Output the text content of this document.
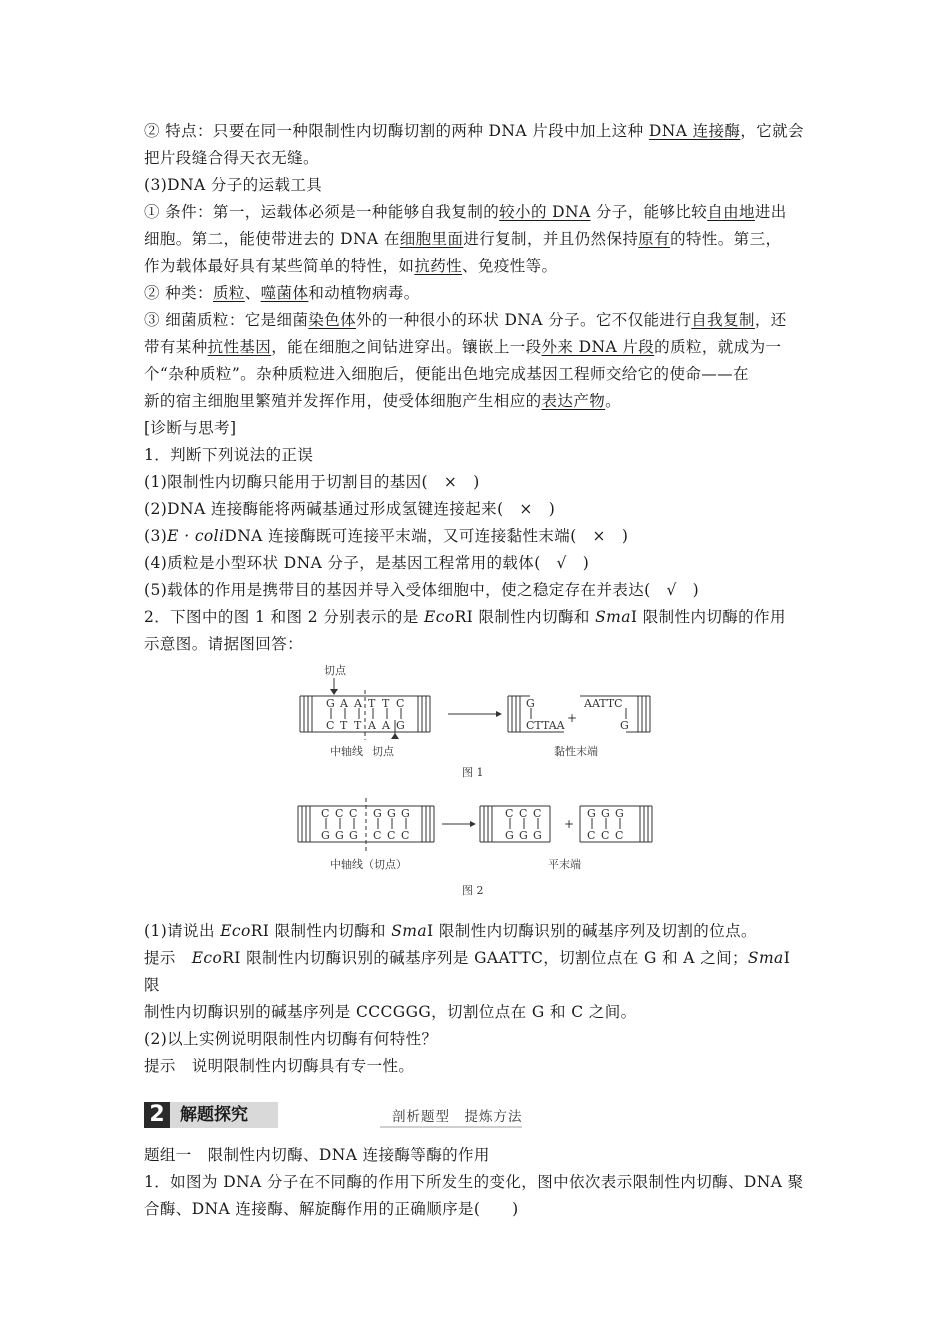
② 特点：只要在同一种限制性内切酶切割的两种 DNA 片段中加上这种 DNA 连接酶，它就会

把片段缝合得天衣无缝。

(3)DNA 分子的运载工具

① 条件：第一，运载体必须是一种能够自我复制的较小的 DNA 分子，能够比较自由地进出

细胞。第二，能使带进去的 DNA 在细胞里面进行复制，并且仍然保持原有的特性。第三，

作为载体最好具有某些简单的特性，如抗药性、免疫性等。

② 种类：质粒、噬菌体和动植物病毒。

③ 细菌质粒：它是细菌染色体外的一种很小的环状 DNA 分子。它不仅能进行自我复制，还

带有某种抗性基因，能在细胞之间钻进穿出。镶嵌上一段外来 DNA 片段的质粒，就成为一

个“杂种质粒”。杂种质粒进入细胞后，便能出色地完成基因工程师交给它的使命——在

新的宿主细胞里繁殖并发挥作用，使受体细胞产生相应的表达产物。

[诊断与思考]

1．判断下列说法的正误

(1)限制性内切酶只能用于切割目的基因(　×　)

(2)DNA 连接酶能将两碱基通过形成氢键连接起来(　×　)

(3)E · coliDNA 连接酶既可连接平末端，又可连接黏性末端(　×　)

(4)质粒是小型环状 DNA 分子，是基因工程常用的载体(　√　)

(5)载体的作用是携带目的基因并导入受体细胞中，使之稳定存在并表达(　√　)

2．下图中的图 1 和图 2 分别表示的是 EcoRⅠ 限制性内切酶和 SmaⅠ 限制性内切酶的作用

示意图。请据图回答：

切点
G A A T T C
C T T A A G
中轴线 切点
G
CTTAA
+
AATTC
G
黏性末端
图 1
C C C G G G
G G G C C C
中轴线（切点）
C C C
G G G
+
G G G
C C C
平末端
图 2

(1)请说出 EcoRⅠ 限制性内切酶和 SmaⅠ 限制性内切酶识别的碱基序列及切割的位点。

提示　EcoRⅠ 限制性内切酶识别的碱基序列是 GAATTC，切割位点在 G 和 A 之间；SmaⅠ 限

制性内切酶识别的碱基序列是 CCCGGG，切割位点在 G 和 C 之间。

(2)以上实例说明限制性内切酶有何特性？

提示　说明限制性内切酶具有专一性。

2 解题探究	剖析题型　提炼方法

题组一　限制性内切酶、DNA 连接酶等酶的作用

1．如图为 DNA 分子在不同酶的作用下所发生的变化，图中依次表示限制性内切酶、DNA 聚

合酶、DNA 连接酶、解旋酶作用的正确顺序是(　　)
